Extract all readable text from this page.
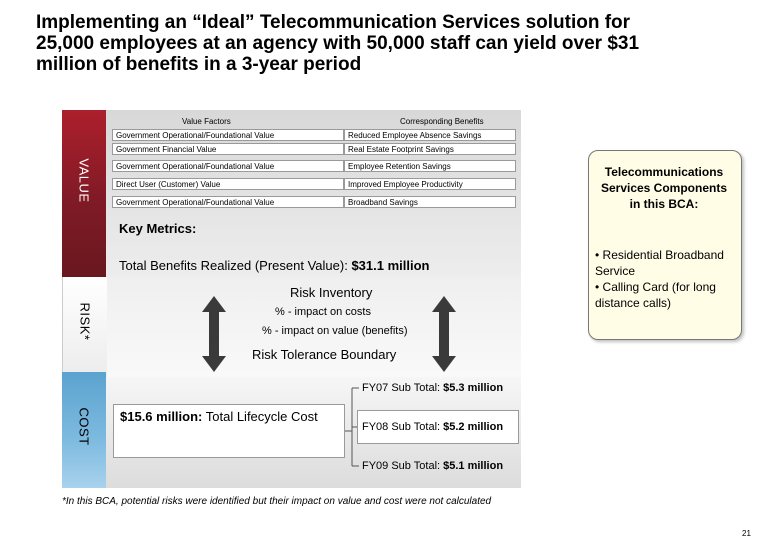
Implementing an “Ideal” Telecommunication Services solution for
25,000 employees at an agency with 50,000 staff can yield over $31
million of benefits in a 3-year period
VALUE
RISK*
COST
Value Factors	Corresponding Benefits
Government Operational/Foundational Value	Reduced Employee Absence Savings
Government Financial Value	Real Estate Footprint Savings
Government Operational/Foundational Value	Employee Retention Savings
Direct User (Customer) Value	Improved Employee Productivity
Government Operational/Foundational Value	Broadband Savings
Key Metrics:
Total Benefits Realized (Present Value): $31.1 million
Risk Inventory
% - impact on costs
% - impact on value (benefits)
Risk Tolerance Boundary
$15.6 million: Total Lifecycle Cost
FY07 Sub Total: $5.3 million
FY08 Sub Total: $5.2 million
FY09 Sub Total: $5.1 million
Telecommunications Services Components in this BCA:
• Residential Broadband Service
• Calling Card (for long distance calls)
*In this BCA, potential risks were identified but their impact on value and cost were not calculated
21
